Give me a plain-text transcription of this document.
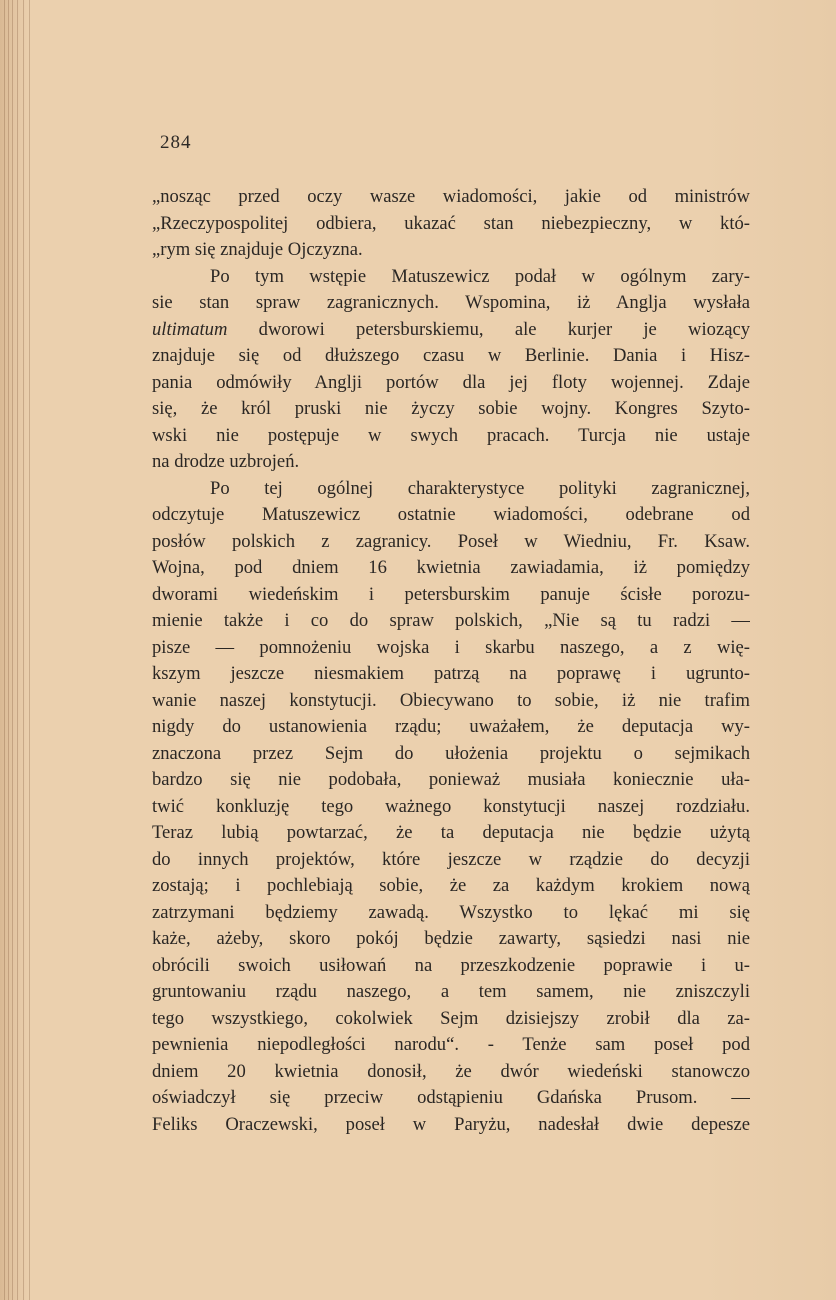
284
„nosząc przed oczy wasze wiadomości, jakie od ministrów
„Rzeczypospolitej odbiera, ukazać stan niebezpieczny, w któ-
„rym się znajduje Ojczyzna.
Po tym wstępie Matuszewicz podał w ogólnym zary-
sie stan spraw zagranicznych. Wspomina, iż Anglja wysłała
ultimatum dworowi petersburskiemu, ale kurjer je wiozący
znajduje się od dłuższego czasu w Berlinie. Dania i Hisz-
pania odmówiły Anglji portów dla jej floty wojennej. Zdaje
się, że król pruski nie życzy sobie wojny. Kongres Szyto-
wski nie postępuje w swych pracach. Turcja nie ustaje
na drodze uzbrojeń.
Po tej ogólnej charakterystyce polityki zagranicznej,
odczytuje Matuszewicz ostatnie wiadomości, odebrane od
posłów polskich z zagranicy. Poseł w Wiedniu, Fr. Ksaw.
Wojna, pod dniem 16 kwietnia zawiadamia, iż pomiędzy
dworami wiedeńskim i petersburskim panuje ścisłe porozu-
mienie także i co do spraw polskich, „Nie są tu radzi —
pisze — pomnożeniu wojska i skarbu naszego, a z wię-
kszym jeszcze niesmakiem patrzą na poprawę i ugrunto-
wanie naszej konstytucji. Obiecywano to sobie, iż nie trafim
nigdy do ustanowienia rządu; uważałem, że deputacja wy-
znaczona przez Sejm do ułożenia projektu o sejmikach
bardzo się nie podobała, ponieważ musiała koniecznie uła-
twić konkluzję tego ważnego konstytucji naszej rozdziału.
Teraz lubią powtarzać, że ta deputacja nie będzie użytą
do innych projektów, które jeszcze w rządzie do decyzji
zostają; i pochlebiają sobie, że za każdym krokiem nową
zatrzymani będziemy zawadą. Wszystko to lękać mi się
każe, ażeby, skoro pokój będzie zawarty, sąsiedzi nasi nie
obrócili swoich usiłowań na przeszkodzenie poprawie i u-
gruntowaniu rządu naszego, a tem samem, nie zniszczyli
tego wszystkiego, cokolwiek Sejm dzisiejszy zrobił dla za-
pewnienia niepodległości narodu“. - Tenże sam poseł pod
dniem 20 kwietnia donosił, że dwór wiedeński stanowczo
oświadczył się przeciw odstąpieniu Gdańska Prusom. —
Feliks Oraczewski, poseł w Paryżu, nadesłał dwie depesze
